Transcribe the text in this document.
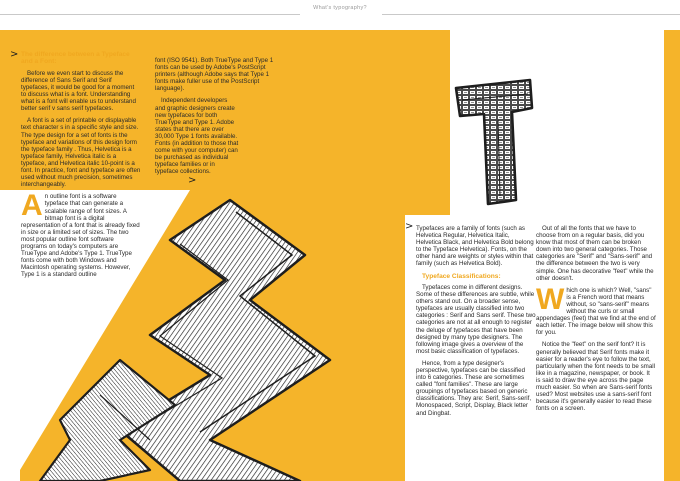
What's typography?
> The difference between a Typeface and a Font:

Before we even start to discuss the difference of Sans Serif and Serif typefaces, it would be good for a moment to discuss what is a font. Understanding what is a font will enable us to understand better serif v sans serif typefaces.

A font is a set of printable or displayable text character s in a specific style and size. The type design for a set of fonts is the typeface and variations of this design form the typeface family . Thus, Helvetica is a typeface family, Helvetica italic is a typeface, and Helvetica italic 10-point is a font. In practice, font and typeface are often used without much precision, sometimes interchangeably.

A n outline font is a software typeface that can generate a scalable range of font sizes. A bitmap font is a digital representation of a font that is already fixed in size or a limited set of sizes. The two most popular outline font software programs on today's computers are TrueType and Adobe's Type 1. TrueType fonts come with both Windows and Macintosh operating systems. However, Type 1 is a standard outline

font (ISO 9541). Both TrueType and Type 1 fonts can be used by Adobe's PostScript printers (although Adobe says that Type 1 fonts make fuller use of the PostScript language).

Independent developers and graphic designers create new typefaces for both TrueType and Type 1. Adobe states that there are over 30,000 Type 1 fonts available. Fonts (in addition to those that come with your computer) can be purchased as individual typeface families or in typeface collections.

>
> Typefaces are a family of fonts (such as Helvetica Regular, Helvetica Italic, Helvetica Black, and Helvetica Bold belong to the Typeface Helvetica). Fonts, on the other hand are weights or styles within that family (such as Helvetica Bold).

Typeface Classifications:

Typefaces come in different designs. Some of these differences are subtle, while others stand out. On a broader sense, typefaces are usually classified into two categories : Serif and Sans serif. These two categories are not at all enough to register the deluge of typefaces that have been designed by many type designers. The following image gives a overview of the most basic classification of typefaces.

Hence, from a type designer's perspective, typefaces can be classified into 6 categories. These are sometimes called "font families". These are large groupings of typefaces based on generic classifications. They are: Serif, Sans-serif, Monospaced, Script, Display, Black letter and Dingbat.

Out of all the fonts that we have to choose from on a regular basis, did you know that most of them can be broken down into two general categories. Those categories are "Serif" and "Sans-serif" and the difference between the two is very simple. One has decorative "feet" while the other doesn't.

W hich one is which? Well, "sans" is a French word that means without, so "sans-serif" means without the curls or small appendages (feet) that we find at the end of each letter. The image below will show this for you.

Notice the "feet" on the serif font? It is generally believed that Serif fonts make it easier for a reader's eye to follow the text, particularly when the font needs to be small like in a magazine, newspaper, or book. It is said to draw the eye across the page much easier. So when are Sans-serif fonts used? Most websites use a sans-serif font because it's generally easier to read these fonts on a screen.
